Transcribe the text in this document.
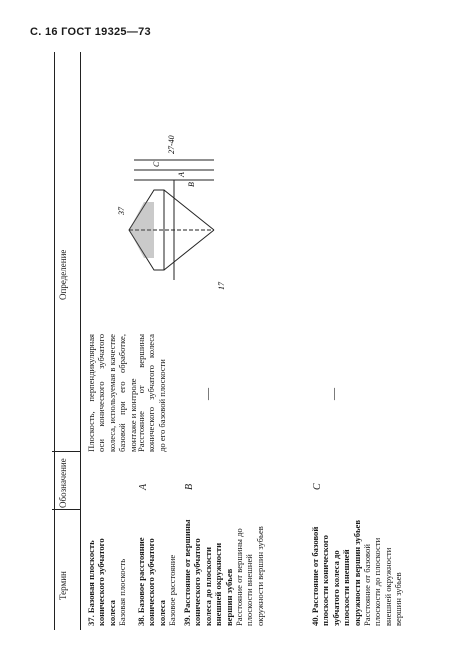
С. 16 ГОСТ 19325—73
Термин
Обозначение
Определение
37. Базовая плоскость конического зубчатого колеса
Базовая плоскость
Плоскость, перпендикулярная оси конического зубчатого колеса, используемая в качестве базовой при его обработке, монтаже и контроле
38. Базовое расстояние конического зубчатого колеса
Базовое расстояние
A
Расстояние от вершины конического зубчатого колеса до его базовой плоскости
39. Расстояние от вершины конического зубчатого колеса до плоскости внешней окружности вершин зубьев
Расстояние от вершины до плоскости внешней окружности вершин зубьев
B
—
40. Расстояние от базовой плоскости конического зубчатого колеса до плоскости внешней окружности вершин зубьев
Расстояние от базовой плоскости до плоскости внешней окружности вершин зубьев
C
—
37
27-40
17
A
B
C
